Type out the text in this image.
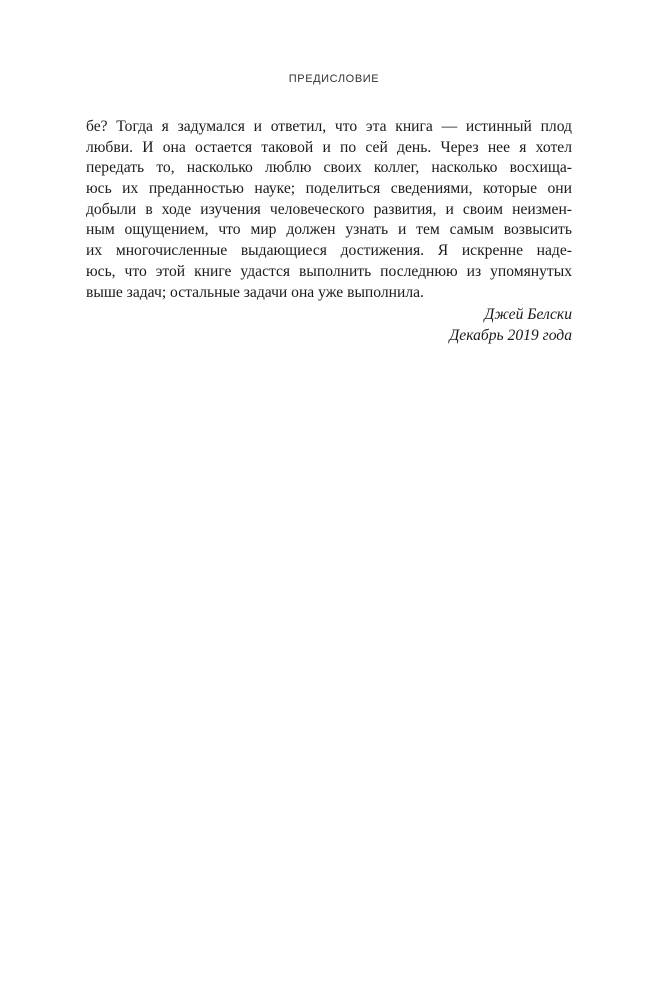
ПРЕДИСЛОВИЕ
бе? Тогда я задумался и ответил, что эта книга — истинный плод
любви. И она остается таковой и по сей день. Через нее я хотел
передать то, насколько люблю своих коллег, насколько восхища-
юсь их преданностью науке; поделиться сведениями, которые они
добыли в ходе изучения человеческого развития, и своим неизмен-
ным ощущением, что мир должен узнать и тем самым возвысить
их многочисленные выдающиеся достижения. Я искренне наде-
юсь, что этой книге удастся выполнить последнюю из упомянутых
выше задач; остальные задачи она уже выполнила.
Джей Белски
Декабрь 2019 года
